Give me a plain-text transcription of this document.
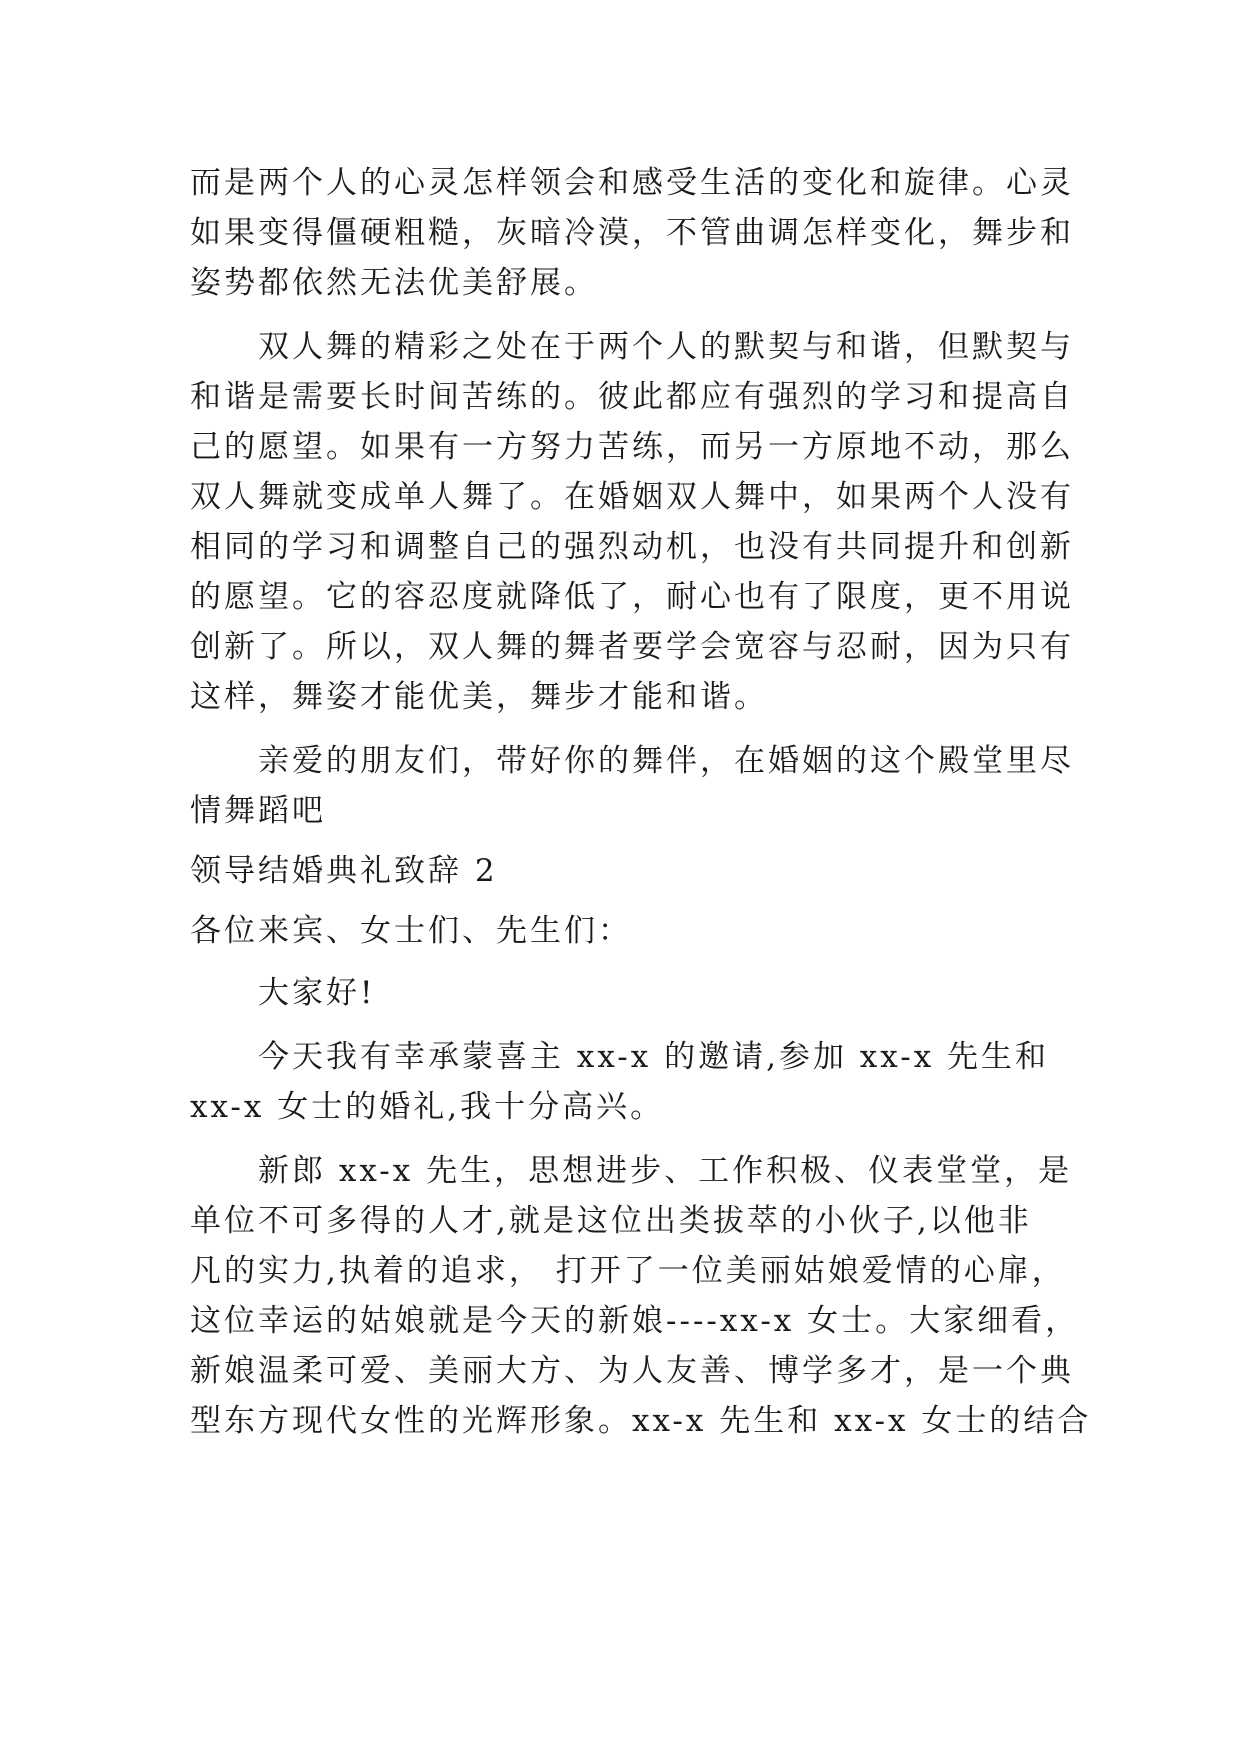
而是两个人的心灵怎样领会和感受生活的变化和旋律。心灵

如果变得僵硬粗糙，灰暗冷漠，不管曲调怎样变化，舞步和

姿势都依然无法优美舒展。

　　双人舞的精彩之处在于两个人的默契与和谐，但默契与

和谐是需要长时间苦练的。彼此都应有强烈的学习和提高自

己的愿望。如果有一方努力苦练，而另一方原地不动，那么

双人舞就变成单人舞了。在婚姻双人舞中，如果两个人没有

相同的学习和调整自己的强烈动机，也没有共同提升和创新

的愿望。它的容忍度就降低了，耐心也有了限度，更不用说

创新了。所以，双人舞的舞者要学会宽容与忍耐，因为只有

这样，舞姿才能优美，舞步才能和谐。

　　亲爱的朋友们，带好你的舞伴，在婚姻的这个殿堂里尽

情舞蹈吧

领导结婚典礼致辞 2

各位来宾、女士们、先生们：

　　大家好!

　　今天我有幸承蒙喜主 xx-x 的邀请,参加 xx-x 先生和

xx-x 女士的婚礼,我十分高兴。

　　新郎 xx-x 先生，思想进步、工作积极、仪表堂堂，是

单位不可多得的人才,就是这位出类拔萃的小伙子,以他非

凡的实力,执着的追求， 打开了一位美丽姑娘爱情的心扉，

这位幸运的姑娘就是今天的新娘----xx-x 女士。大家细看，

新娘温柔可爱、美丽大方、为人友善、博学多才，是一个典

型东方现代女性的光辉形象。xx-x 先生和 xx-x 女士的结合
